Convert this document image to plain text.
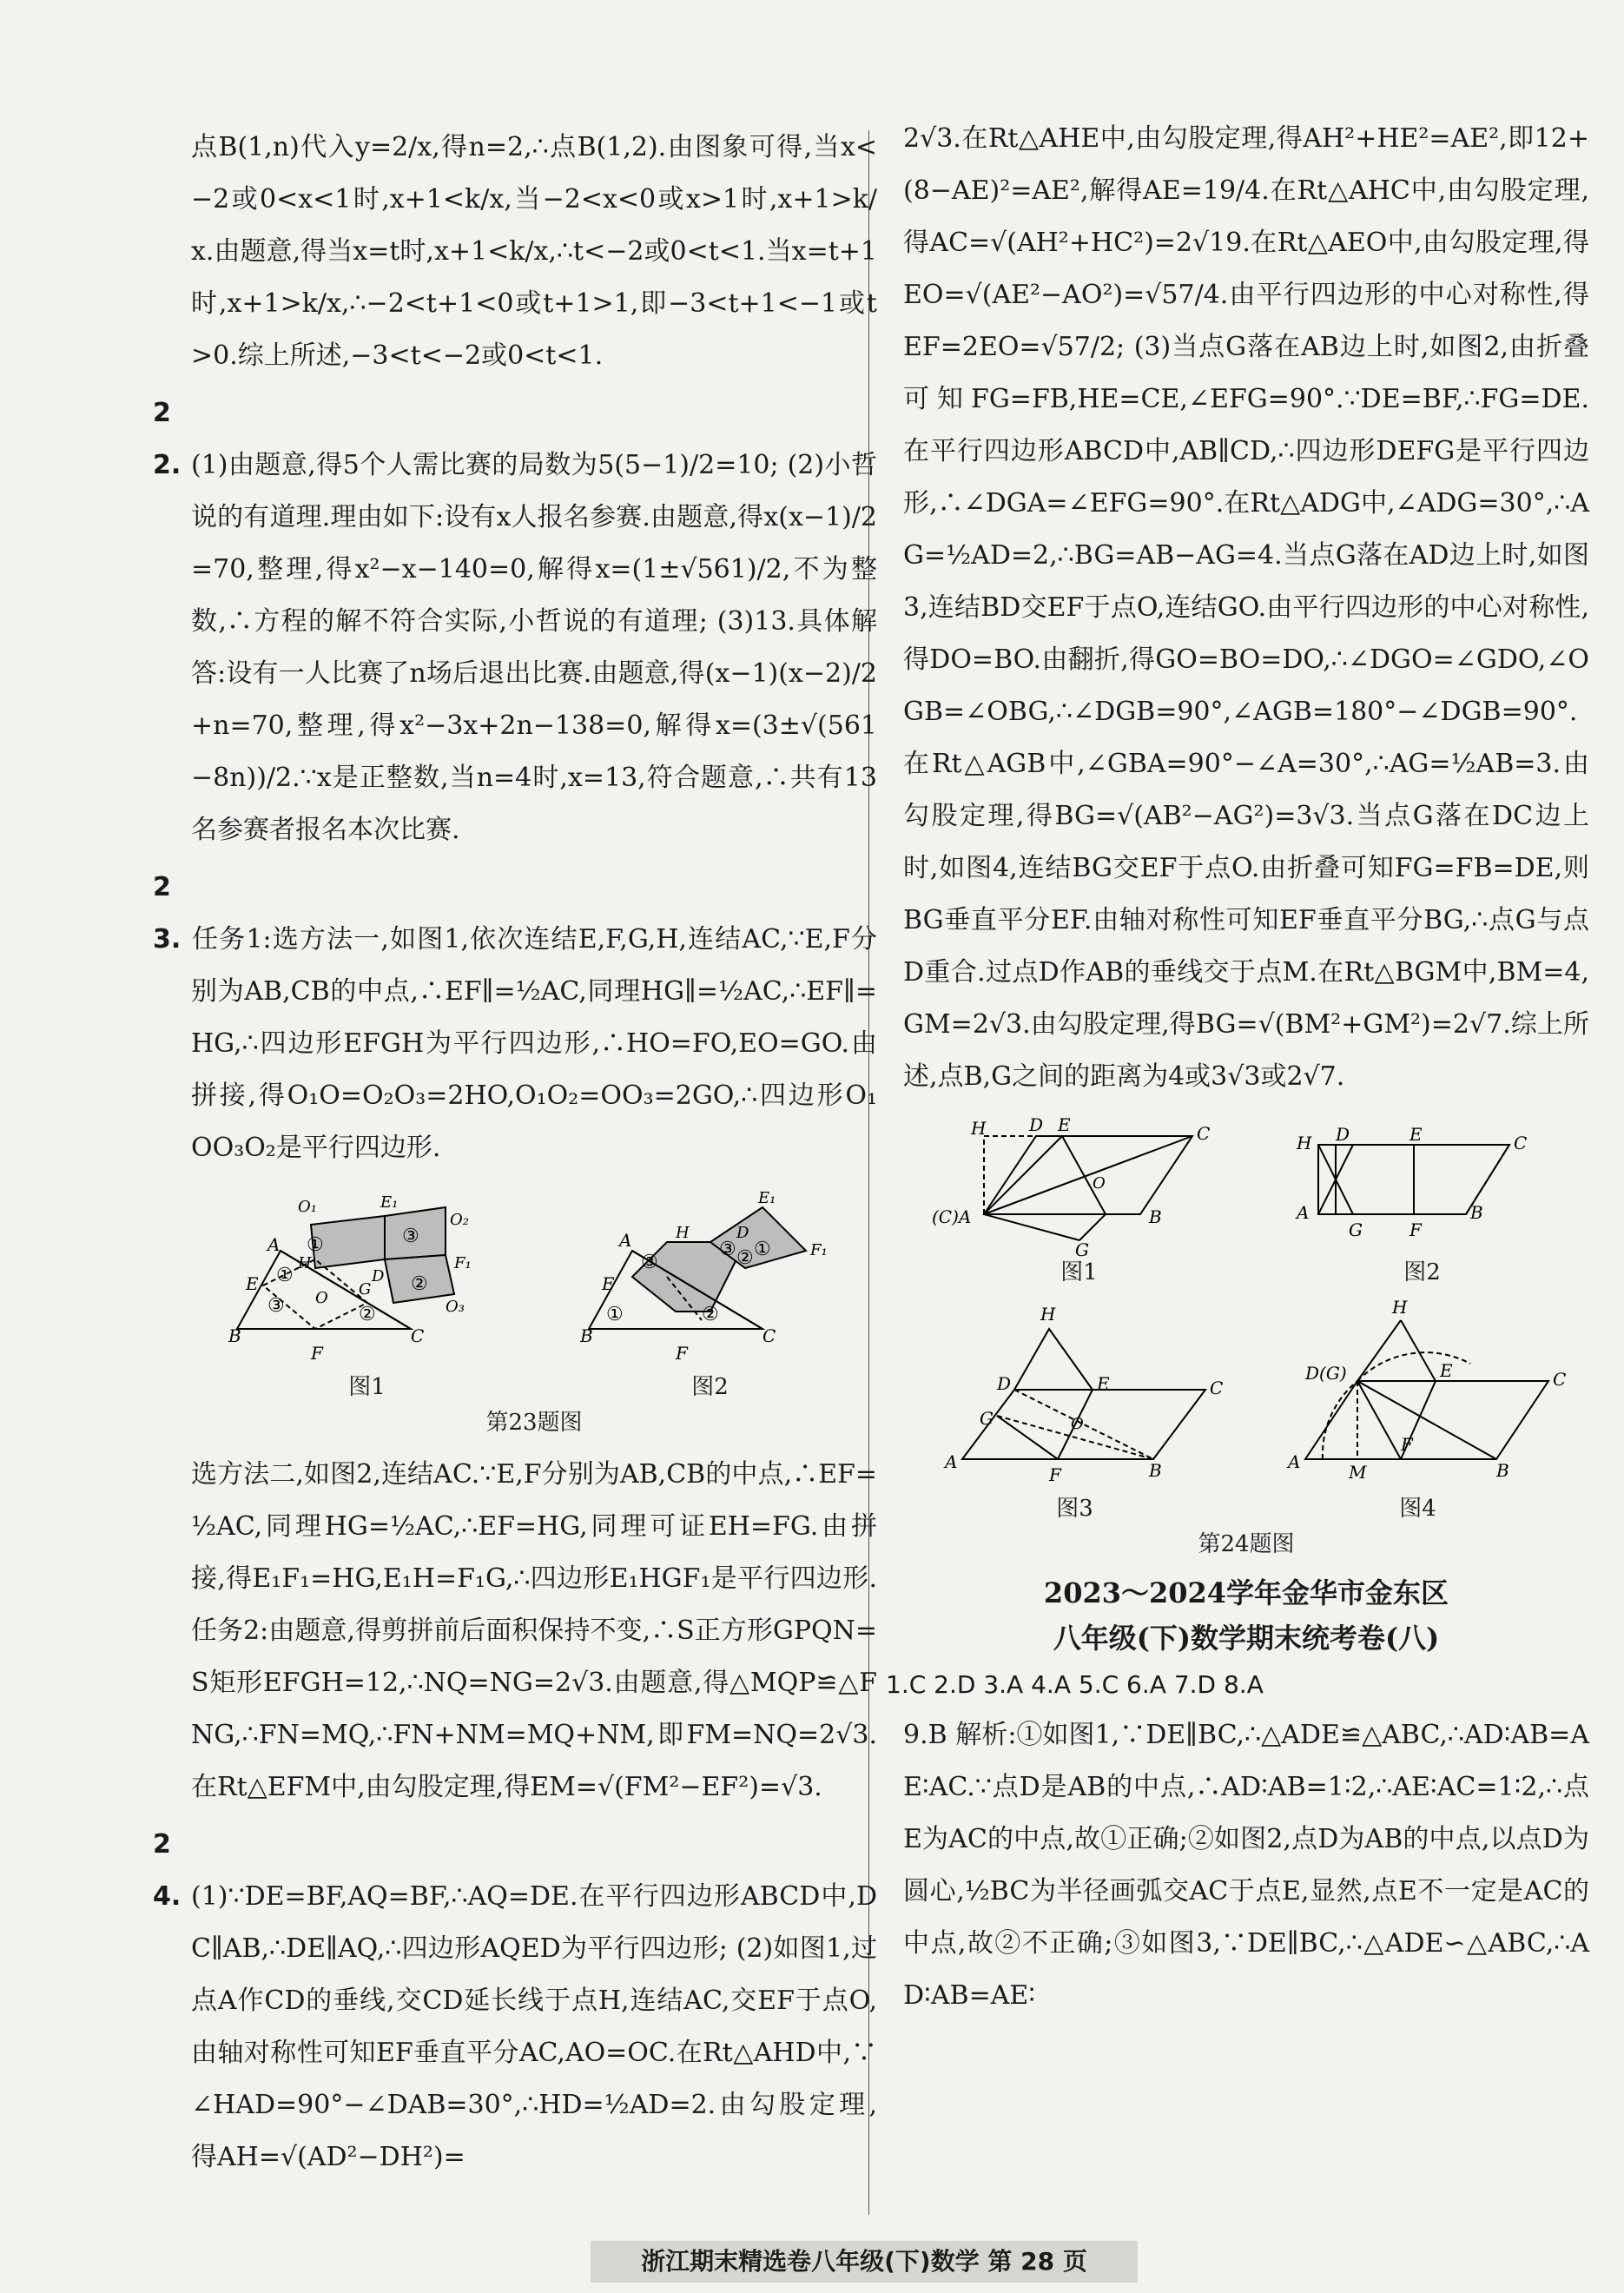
点B(1,n)代入y=2/x,得n=2,∴点B(1,2).由图象可得,当x<−2或0<x<1时,x+1<k/x,当−2<x<0或x>1时,x+1>k/x.由题意,得当x=t时,x+1<k/x,∴t<−2或0<t<1.当x=t+1时,x+1>k/x,∴−2<t+1<0或t+1>1,即−3<t+1<−1或t>0.综上所述,−3<t<−2或0<t<1.

22. (1)由题意,得5个人需比赛的局数为5(5−1)/2=10; (2)小哲说的有道理.理由如下:设有x人报名参赛.由题意,得x(x−1)/2=70,整理,得x²−x−140=0,解得x=(1±√561)/2,不为整数,∴方程的解不符合实际,小哲说的有道理; (3)13.具体解答:设有一人比赛了n场后退出比赛.由题意,得(x−1)(x−2)/2+n=70,整理,得x²−3x+2n−138=0,解得x=(3±√(561−8n))/2.∵x是正整数,当n=4时,x=13,符合题意,∴共有13名参赛者报名本次比赛.

23. 任务1:选方法一,如图1,依次连结E,F,G,H,连结AC,∵E,F分别为AB,CB的中点,∴EF∥=½AC,同理HG∥=½AC,∴EF∥=HG,∴四边形EFGH为平行四边形,∴HO=FO,EO=GO.由拼接,得O₁O=O₂O₃=2HO,O₁O₂=OO₃=2GO,∴四边形O₁OO₃O₂是平行四边形.

①	③
②
③	②
①
B	C
A
F
E
O₁	E₁
O₂
F₁
O₃
O
D
H
G
图1
③
③ ①
①	②
②
B	C
A
F
E
E₁
F₁
H	D
图2
第23题图

选方法二,如图2,连结AC.∵E,F分别为AB,CB的中点,∴EF=½AC,同理HG=½AC,∴EF=HG,同理可证EH=FG.由拼接,得E₁F₁=HG,E₁H=F₁G,∴四边形E₁HGF₁是平行四边形.任务2:由题意,得剪拼前后面积保持不变,∴S正方形GPQN=S矩形EFGH=12,∴NQ=NG=2√3.由题意,得△MQP≌△FNG,∴FN=MQ,∴FN+NM=MQ+NM,即FM=NQ=2√3.在Rt△EFM中,由勾股定理,得EM=√(FM²−EF²)=√3.

24. (1)∵DE=BF,AQ=BF,∴AQ=DE.在平行四边形ABCD中,DC∥AB,∴DE∥AQ,∴四边形AQED为平行四边形; (2)如图1,过点A作CD的垂线,交CD延长线于点H,连结AC,交EF于点O,由轴对称性可知EF垂直平分AC,AO=OC.在Rt△AHD中,∵∠HAD=90°−∠DAB=30°,∴HD=½AD=2.由勾股定理,得AH=√(AD²−DH²)=

2√3.在Rt△AHE中,由勾股定理,得AH²+HE²=AE²,即12+(8−AE)²=AE²,解得AE=19/4.在Rt△AHC中,由勾股定理,得AC=√(AH²+HC²)=2√19.在Rt△AEO中,由勾股定理,得EO=√(AE²−AO²)=√57/4.由平行四边形的中心对称性,得EF=2EO=√57/2; (3)当点G落在AB边上时,如图2,由折叠可知FG=FB,HE=CE,∠EFG=90°.∵DE=BF,∴FG=DE.在平行四边形ABCD中,AB∥CD,∴四边形DEFG是平行四边形,∴∠DGA=∠EFG=90°.在Rt△ADG中,∠ADG=30°,∴AG=½AD=2,∴BG=AB−AG=4.当点G落在AD边上时,如图3,连结BD交EF于点O,连结GO.由平行四边形的中心对称性,得DO=BO.由翻折,得GO=BO=DO,∴∠DGO=∠GDO,∠OGB=∠OBG,∴∠DGB=90°,∠AGB=180°−∠DGB=90°.在Rt△AGB中,∠GBA=90°−∠A=30°,∴AG=½AB=3.由勾股定理,得BG=√(AB²−AG²)=3√3.当点G落在DC边上时,如图4,连结BG交EF于点O.由折叠可知FG=FB=DE,则BG垂直平分EF.由轴对称性可知EF垂直平分BG,∴点G与点D重合.过点D作AB的垂线交于点M.在Rt△BGM中,BM=4,GM=2√3.由勾股定理,得BG=√(BM²+GM²)=2√7.综上所述,点B,G之间的距离为4或3√3或2√7.

(C)A
H D E	C
B
G
O
图1
H D	E	C
A
G	F
B
图2
H
D	E
G	O
A
F	B
C
图3
H
D(G)	E	C
A	M
F
B
图4
第24题图
2023～2024学年金华市金东区
八年级(下)数学期末统考卷(八)
1.C 2.D 3.A 4.A 5.C 6.A 7.D 8.A

9.B 解析:①如图1,∵DE∥BC,∴△ADE≌△ABC,∴AD∶AB=AE∶AC.∵点D是AB的中点,∴AD∶AB=1∶2,∴AE∶AC=1∶2,∴点E为AC的中点,故①正确;②如图2,点D为AB的中点,以点D为圆心,½BC为半径画弧交AC于点E,显然,点E不一定是AC的中点,故②不正确;③如图3,∵DE∥BC,∴△ADE∽△ABC,∴AD∶AB=AE∶

浙江期末精选卷八年级(下)数学 第 28 页
